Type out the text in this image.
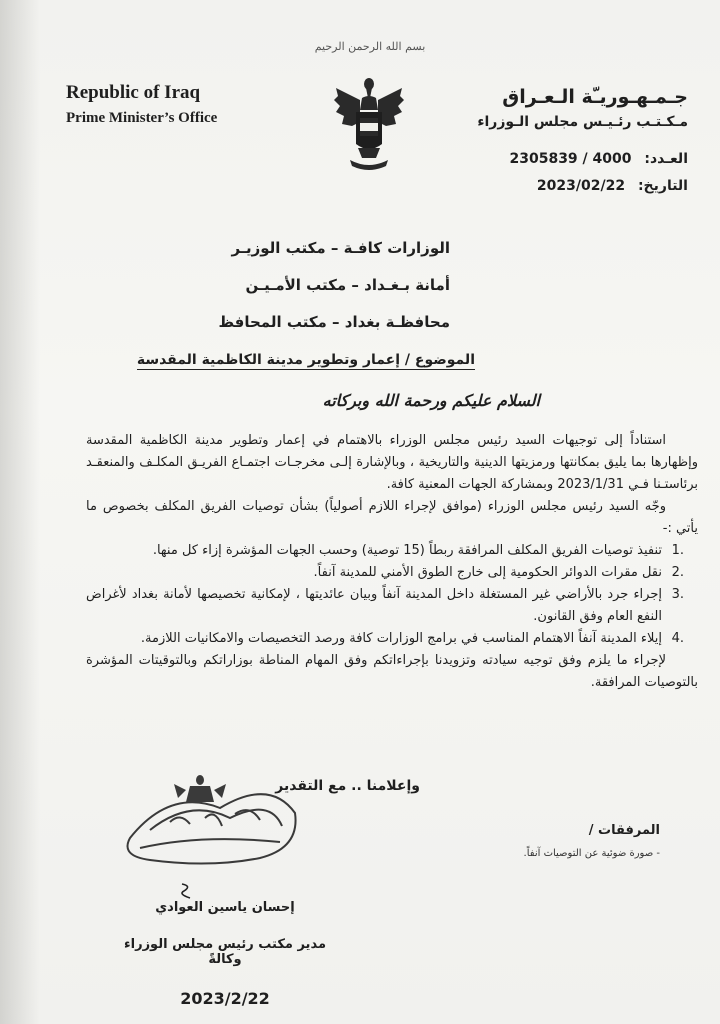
بسم الله الرحمن الرحيم
Republic of Iraq
Prime Minister’s Office
جـمـهـوريـّة الـعـراق
مـكـتـب رئـيـس مجلس الـوزراء
العـدد: 2305839 / 4000
التاريخ: 2023/02/22
الوزارات كافـة – مكتب الوزيـر
أمانة بـغـداد – مكتب الأمـيـن
محافظـة بغداد – مكتب المحافظ
الموضوع / إعمار وتطوير مدينة الكاظمية المقدسة
السلام عليكم ورحمة الله وبركاته

استناداً إلى توجيهات السيد رئيس مجلس الوزراء بالاهتمام في إعمار وتطوير مدينة الكاظمية المقدسة وإظهارها بما يليق بمكانتها ورمزيتها الدينية والتاريخية ، وبالإشارة إلـى مخرجـات اجتمـاع الفريـق المكلـف والمنعقـد برئاستـنا فـي 2023/1/31 وبمشاركة الجهات المعنية كافة.

وجّه السيد رئيس مجلس الوزراء (موافق لإجراء اللازم أصولياً) بشأن توصيات الفريق المكلف بخصوص ما يأتي :-

1.
تنفيذ توصيات الفريق المكلف المرافقة ربطاً (15 توصية) وحسب الجهات المؤشرة إزاء كل منها.
2.
نقل مقرات الدوائر الحكومية إلى خارج الطوق الأمني للمدينة آنفاً.
3.
إجراء جرد بالأراضي غير المستغلة داخل المدينة آنفاً وبيان عائديتها ، لإمكانية تخصيصها لأمانة بغداد لأغراض النفع العام وفق القانون.
4.
إيلاء المدينة آنفاً الاهتمام المناسب في برامج الوزارات كافة ورصد التخصيصات والامكانيات اللازمة.

لإجراء ما يلزم وفق توجيه سيادته وتزويدنا بإجراءاتكم وفق المهام المناطة بوزاراتكم وبالتوقيتات المؤشرة بالتوصيات المرافقة.

وإعلامنا .. مع التقدير
المرفقات /
- صورة ضوئية عن التوصيات آنفاً.
إحسان ياسين العوادي
مدير مكتب رئيس مجلس الوزراء وكالةً
2023/2/22
